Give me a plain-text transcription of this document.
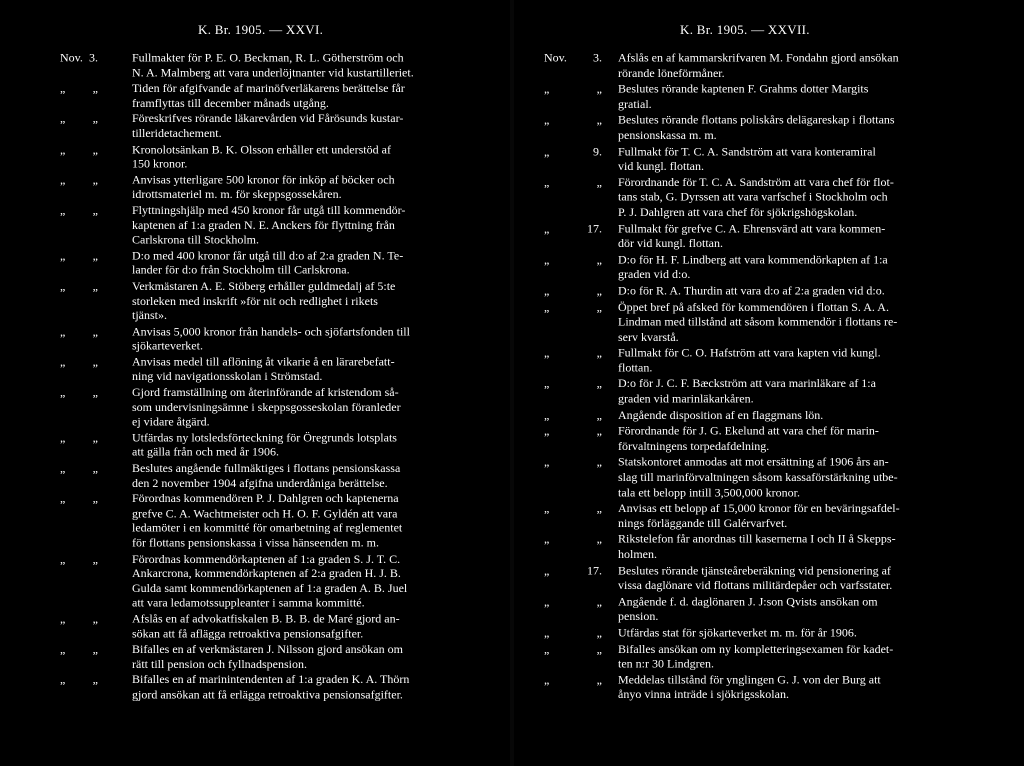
K. Br. 1905. — XXVI.
Nov. 3.	Fullmakter för P. E. O. Beckman, R. L. Götherström och
N. A. Malmberg att vara underlöjtnanter vid kustartilleriet.
„	„	Tiden för afgifvande af marinöfverläkarens berättelse får
framflyttas till december månads utgång.
„	„	Föreskrifves rörande läkarevården vid Fårösunds kustar-
tilleridetachement.
„	„	Kronolotsänkan B. K. Olsson erhåller ett understöd af
150 kronor.
„	„	Anvisas ytterligare 500 kronor för inköp af böcker och
idrottsmateriel m. m. för skeppsgossekåren.
„	„	Flyttningshjälp med 450 kronor får utgå till kommendör-
kaptenen af 1:a graden N. E. Anckers för flyttning från
Carlskrona till Stockholm.
„	„	D:o med 400 kronor får utgå till d:o af 2:a graden N. Te-
lander för d:o från Stockholm till Carlskrona.
„	„	Verkmästaren A. E. Stöberg erhåller guldmedalj af 5:te
storleken med inskrift »för nit och redlighet i rikets
tjänst».
„	„	Anvisas 5,000 kronor från handels- och sjöfartsfonden till
sjökarteverket.
„	„	Anvisas medel till aflöning åt vikarie å en lärarebefatt-
ning vid navigationsskolan i Strömstad.
„	„	Gjord framställning om återinförande af kristendom så-
som undervisningsämne i skeppsgosseskolan föranleder
ej vidare åtgärd.
„	„	Utfärdas ny lotsledsförteckning för Öregrunds lotsplats
att gälla från och med år 1906.
„	„	Beslutes angående fullmäktiges i flottans pensionskassa
den 2 november 1904 afgifna underdåniga berättelse.
„	„	Förordnas kommendören P. J. Dahlgren och kaptenerna
grefve C. A. Wachtmeister och H. O. F. Gyldén att vara
ledamöter i en kommitté för omarbetning af reglementet
för flottans pensionskassa i vissa hänseenden m. m.
„	„	Förordnas kommendörkaptenen af 1:a graden S. J. T. C.
Ankarcrona, kommendörkaptenen af 2:a graden H. J. B.
Gulda samt kommendörkaptenen af 1:a graden A. B. Juel
att vara ledamotssuppleanter i samma kommitté.
„	„	Afslås en af advokatfiskalen B. B. B. de Maré gjord an-
sökan att få afläggа retroaktiva pensionsafgifter.
„	„	Bifalles en af verkmästaren J. Nilsson gjord ansökan om
rätt till pension och fyllnadspension.
„	„	Bifalles en af marinintendenten af 1:a graden K. A. Thörn
gjord ansökan att få erlägga retroaktiva pensionsafgifter.
K. Br. 1905. — XXVII.
Nov.	3. Afslås en af kammarskrifvaren M. Fondahn gjord ansökan
rörande löneförmåner.
„	„ Beslutes rörande kaptenen F. Grahms dotter Margits
gratial.
„	„ Beslutes rörande flottans poliskårs delägareskap i flottans
pensionskassa m. m.
„	9. Fullmakt för T. C. A. Sandström att vara konteramiral
vid kungl. flottan.
„	„ Förordnande för T. C. A. Sandström att vara chef för flot-
tans stab, G. Dyrssen att vara varfschef i Stockholm och
P. J. Dahlgren att vara chef för sjökrigshögskolan.
„	17. Fullmakt för grefve C. A. Ehrensvärd att vara kommen-
dör vid kungl. flottan.
„	„ D:o för H. F. Lindberg att vara kommendörkapten af 1:a
graden vid d:o.
„	„ D:o för R. A. Thurdin att vara d:o af 2:a graden vid d:o.
„	„ Öppet bref på afsked för kommendören i flottan S. A. A.
Lindman med tillstånd att såsom kommendör i flottans re-
serv kvarstå.
„	„ Fullmakt för C. O. Hafström att vara kapten vid kungl.
flottan.
„	„ D:o för J. C. F. Bæckström att vara marinläkare af 1:a
graden vid marinläkarkåren.
„	„ Angående disposition af en flaggmans lön.
„	„ Förordnande för J. G. Ekelund att vara chef för marin-
förvaltningens torpedafdelning.
„	„ Statskontoret anmodas att mot ersättning af 1906 års an-
slag till marinförvaltningen såsom kassaförstärkning utbe-
tala ett belopp intill 3,500,000 kronor.
„	„ Anvisas ett belopp af 15,000 kronor för en beväringsafdel-
nings förläggande till Galérvarfvet.
„	„ Rikstelefon får anordnas till kasernerna I och II å Skepps-
holmen.
„	17. Beslutes rörande tjänsteåreberäkning vid pensionering af
vissa daglönare vid flottans militärdepåer och varfsstater.
„	„ Angående f. d. daglönaren J. J:son Qvists ansökan om
pension.
„	„ Utfärdas stat för sjökarteverket m. m. för år 1906.
„	„ Bifalles ansökan om ny kompletteringsexamen för kadet-
ten n:r 30 Lindgren.
„	„ Meddelas tillstånd för ynglingen G. J. von der Burg att
ånyo vinna inträde i sjökrigsskolan.
